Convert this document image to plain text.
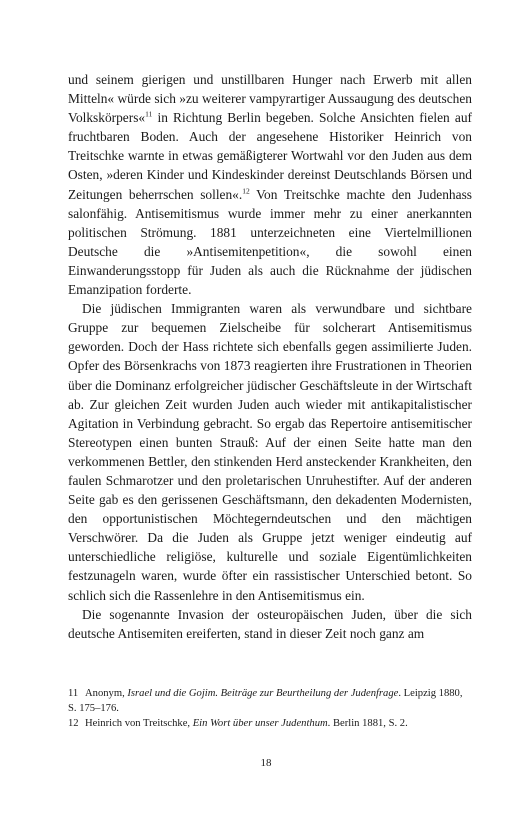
und seinem gierigen und unstillbaren Hunger nach Erwerb mit allen Mitteln« würde sich »zu weiterer vampyrartiger Aussaugung des deutschen Volkskörpers«$^{11}$ in Richtung Berlin begeben. Solche Ansichten fielen auf fruchtbaren Boden. Auch der angesehene Historiker Heinrich von Treitschke warnte in etwas gemäßigterer Wortwahl vor den Juden aus dem Osten, »deren Kinder und Kindeskinder dereinst Deutschlands Börsen und Zeitungen beherrschen sollen«.$^{12}$ Von Treitschke machte den Judenhass salonfähig. Antisemitismus wurde immer mehr zu einer anerkannten politischen Strömung. 1881 unterzeichneten eine Viertelmillionen Deutsche die »Antisemitenpetition«, die sowohl einen Einwanderungsstopp für Juden als auch die Rücknahme der jüdischen Emanzipation forderte.

Die jüdischen Immigranten waren als verwundbare und sichtbare Gruppe zur bequemen Zielscheibe für solcherart Antisemitismus geworden. Doch der Hass richtete sich ebenfalls gegen assimilierte Juden. Opfer des Börsenkrachs von 1873 reagierten ihre Frustrationen in Theorien über die Dominanz erfolgreicher jüdischer Geschäftsleute in der Wirtschaft ab. Zur gleichen Zeit wurden Juden auch wieder mit antikapitalistischer Agitation in Verbindung gebracht. So ergab das Repertoire antisemitischer Stereotypen einen bunten Strauß: Auf der einen Seite hatte man den verkommenen Bettler, den stinkenden Herd ansteckender Krankheiten, den faulen Schmarotzer und den proletarischen Unruhestifter. Auf der anderen Seite gab es den gerissenen Geschäftsmann, den dekadenten Modernisten, den opportunistischen Möchtegerndeutschen und den mächtigen Verschwörer. Da die Juden als Gruppe jetzt weniger eindeutig auf unterschiedliche religiöse, kulturelle und soziale Eigentümlichkeiten festzunageln waren, wurde öfter ein rassistischer Unterschied betont. So schlich sich die Rassenlehre in den Antisemitismus ein.

Die sogenannte Invasion der osteuropäischen Juden, über die sich deutsche Antisemiten ereiferten, stand in dieser Zeit noch ganz am

11 Anonym, Israel und die Gojim. Beiträge zur Beurtheilung der Judenfrage. Leipzig 1880, S. 175–176.

12 Heinrich von Treitschke, Ein Wort über unser Judenthum. Berlin 1881, S. 2.

18
